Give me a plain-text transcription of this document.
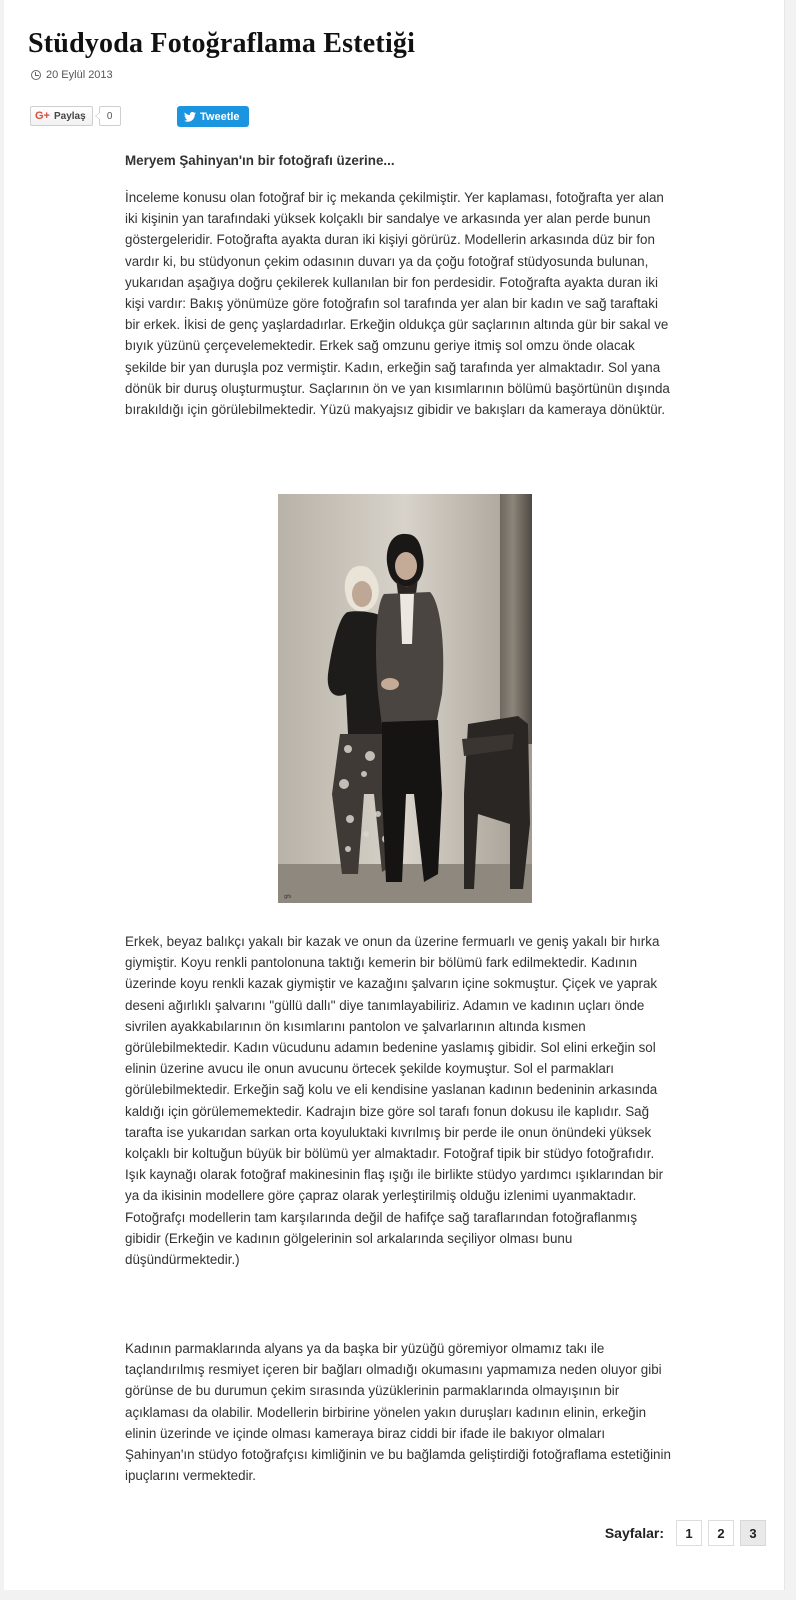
Stüdyoda Fotoğraflama Estetiği
20 Eylül 2013
G+ Paylaş	0	Tweetle
Meryem Şahinyan'ın bir fotoğrafı üzerine...

İnceleme konusu olan fotoğraf bir iç mekanda çekilmiştir. Yer kaplaması, fotoğrafta yer alan iki kişinin yan tarafındaki yüksek kolçaklı bir sandalye ve arkasında yer alan perde bunun göstergeleridir. Fotoğrafta ayakta duran iki kişiyi görürüz. Modellerin arkasında düz bir fon vardır ki, bu stüdyonun çekim odasının duvarı ya da çoğu fotoğraf stüdyosunda bulunan, yukarıdan aşağıya doğru çekilerek kullanılan bir fon perdesidir. Fotoğrafta ayakta duran iki kişi vardır: Bakış yönümüze göre fotoğrafın sol tarafında yer alan bir kadın ve sağ taraftaki bir erkek. İkisi de genç yaşlardadırlar. Erkeğin oldukça gür saçlarının altında gür bir sakal ve bıyık yüzünü çerçevelemektedir. Erkek sağ omzunu geriye itmiş sol omzu önde olacak şekilde bir yan duruşla poz vermiştir. Kadın, erkeğin sağ tarafında yer almaktadır. Sol yana dönük bir duruş oluşturmuştur. Saçlarının ön ve yan kısımlarının bölümü başörtünün dışında bırakıldığı için görülebilmektedir. Yüzü makyajsız gibidir ve bakışları da kameraya dönüktür.

gfs

Erkek, beyaz balıkçı yakalı bir kazak ve onun da üzerine fermuarlı ve geniş yakalı bir hırka giymiştir. Koyu renkli pantolonuna taktığı kemerin bir bölümü fark edilmektedir. Kadının üzerinde koyu renkli kazak giymiştir ve kazağını şalvarın içine sokmuştur. Çiçek ve yaprak deseni ağırlıklı şalvarını "güllü dallı" diye tanımlayabiliriz. Adamın ve kadının uçları önde sivrilen ayakkabılarının ön kısımlarını pantolon ve şalvarlarının altında kısmen görülebilmektedir. Kadın vücudunu adamın bedenine yaslamış gibidir. Sol elini erkeğin sol elinin üzerine avucu ile onun avucunu örtecek şekilde koymuştur. Sol el parmakları görülebilmektedir. Erkeğin sağ kolu ve eli kendisine yaslanan kadının bedeninin arkasında kaldığı için görülememektedir. Kadrajın bize göre sol tarafı fonun dokusu ile kaplıdır. Sağ tarafta ise yukarıdan sarkan orta koyuluktaki kıvrılmış bir perde ile onun önündeki yüksek kolçaklı bir koltuğun büyük bir bölümü yer almaktadır. Fotoğraf tipik bir stüdyo fotoğrafıdır. Işık kaynağı olarak fotoğraf makinesinin flaş ışığı ile birlikte stüdyo yardımcı ışıklarından bir ya da ikisinin modellere göre çapraz olarak yerleştirilmiş olduğu izlenimi uyanmaktadır. Fotoğrafçı modellerin tam karşılarında değil de hafifçe sağ taraflarından fotoğraflanmış gibidir (Erkeğin ve kadının gölgelerinin sol arkalarında seçiliyor olması bunu düşündürmektedir.)

Kadının parmaklarında alyans ya da başka bir yüzüğü göremiyor olmamız takı ile taçlandırılmış resmiyet içeren bir bağları olmadığı okumasını yapmamıza neden oluyor gibi görünse de bu durumun çekim sırasında yüzüklerinin parmaklarında olmayışının bir açıklaması da olabilir. Modellerin birbirine yönelen yakın duruşları kadının elinin, erkeğin elinin üzerinde ve içinde olması kameraya biraz ciddi bir ifade ile bakıyor olmaları Şahinyan'ın stüdyo fotoğrafçısı kimliğinin ve bu bağlamda geliştirdiği fotoğraflama estetiğinin ipuçlarını vermektedir.

Sayfalar:	1	2	3
